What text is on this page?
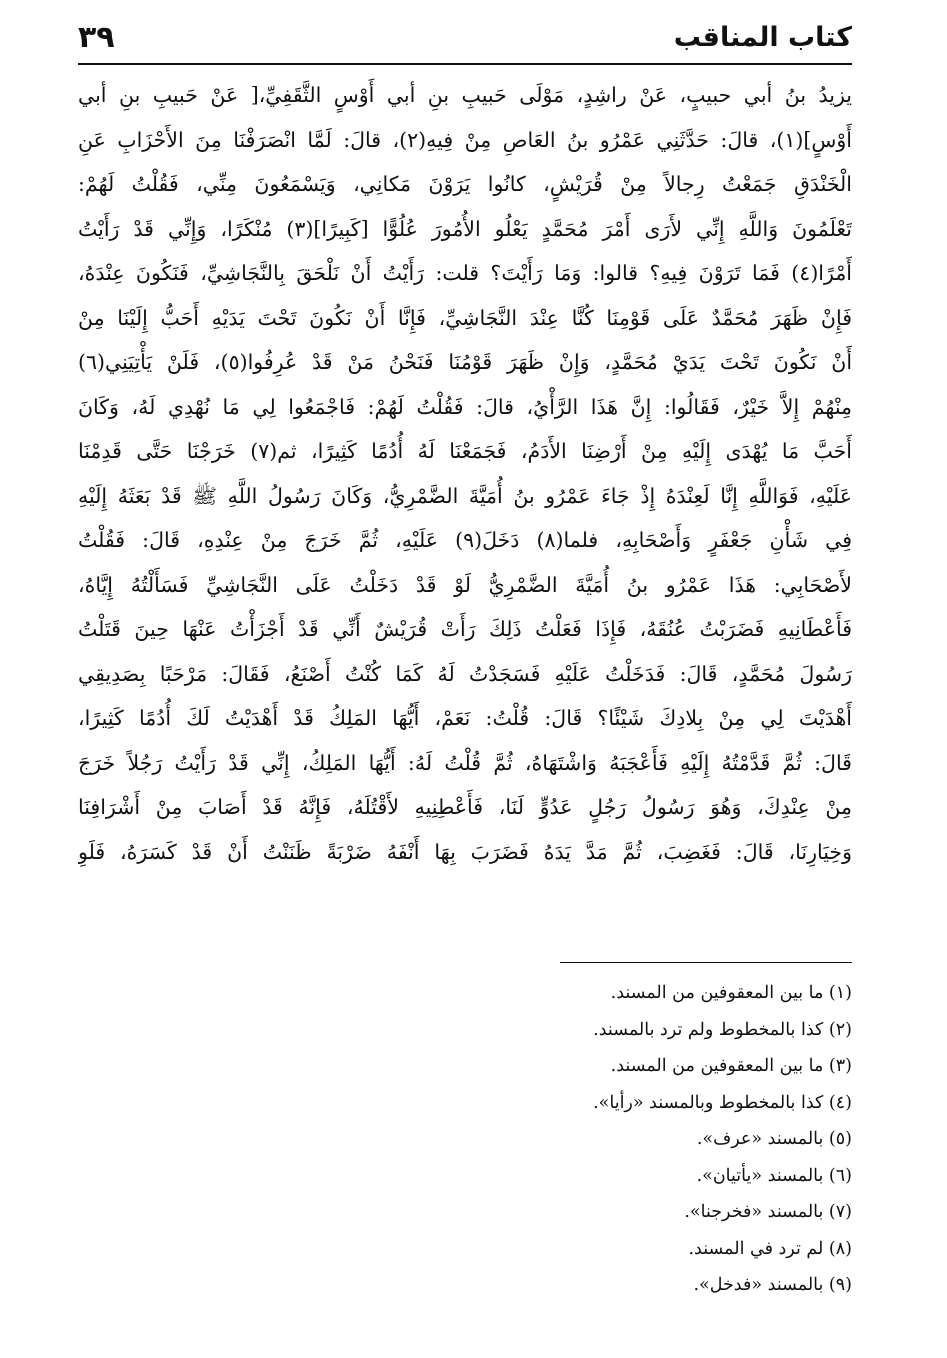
كتاب المناقب
٣٩
يزيدُ بنُ أبي حبيبٍ، عَنْ راشِدٍ، مَوْلَى حَبيبِ بنِ أبي أَوْسٍ الثَّقَفِيِّ،[ عَنْ حَبيبِ بنِ أبي
أَوْسٍ](١)، قالَ: حَدَّثَنِي عَمْرُو بنُ العَاصِ مِنْ فِيهِ(٢)، قالَ: لَمَّا انْصَرَفْنَا مِنَ الأَحْزَابِ عَنِ
الْخَنْدَقِ جَمَعْتُ رِجالاً مِنْ قُرَيْشٍ، كانُوا يَرَوْنَ مَكانِي، وَيَسْمَعُونَ مِنِّي، فَقُلْتُ لَهُمْ:
تَعْلَمُونَ وَاللَّهِ إِنِّي لأَرَى أَمْرَ مُحَمَّدٍ يَعْلُو الأُمُورَ عُلُوًّا [كَبِيرًا](٣) مُنْكَرًا، وَإِنِّي قَدْ رَأَيْتُ
أَمْرًا(٤) فَمَا تَرَوْنَ فِيهِ؟ قالوا: وَمَا رَأَيْتَ؟ قلت: رَأَيْتُ أَنْ نَلْحَقَ بِالنَّجَاشِيِّ، فَنَكُونَ عِنْدَهُ،
فَإِنْ ظَهَرَ مُحَمَّدٌ عَلَى قَوْمِنَا كُنَّا عِنْدَ النَّجَاشِيِّ، فَإِنَّا أَنْ نَكُونَ تَحْتَ يَدَيْهِ أَحَبُّ إِلَيْنَا مِنْ
أَنْ نَكُونَ تَحْتَ يَدَيْ مُحَمَّدٍ، وَإِنْ ظَهَرَ قَوْمُنَا فَنَحْنُ مَنْ قَدْ عُرِفُوا(٥)، فَلَنْ يَأْتِيَنِي(٦)
مِنْهُمْ إِلاَّ خَيْرٌ، فَقَالُوا: إِنَّ هَذَا الرَّأْيُ، قالَ: فَقُلْتُ لَهُمْ: فَاجْمَعُوا لِي مَا نُهْدِي لَهُ، وَكَانَ
أَحَبَّ مَا يُهْدَى إِلَيْهِ مِنْ أَرْضِنَا الأَدَمُ، فَجَمَعْنَا لَهُ أُدُمًا كَثِيرًا، ثم(٧) خَرَجْنَا حَتَّى قَدِمْنَا
عَلَيْهِ، فَوَاللَّهِ إِنَّا لَعِنْدَهُ إِذْ جَاءَ عَمْرُو بنُ أُمَيَّةَ الضَّمْرِيُّ، وَكَانَ رَسُولُ اللَّهِ ﷺ قَدْ بَعَثَهُ إِلَيْهِ
فِي شَأْنِ جَعْفَرٍ وَأَصْحَابِهِ، فلما(٨) دَخَلَ(٩) عَلَيْهِ، ثُمَّ خَرَجَ مِنْ عِنْدِهِ، قَالَ: فَقُلْتُ
لأَصْحَابِي: هَذَا عَمْرُو بنُ أُمَيَّةَ الضَّمْرِيُّ لَوْ قَدْ دَخَلْتُ عَلَى النَّجَاشِيِّ فَسَأَلْتُهُ إِيَّاهُ،
فَأَعْطَانِيهِ فَضَرَبْتُ عُنُقَهُ، فَإِذَا فَعَلْتُ ذَلِكَ رَأَتْ قُرَيْشٌ أَنِّي قَدْ أَجْزَأْتُ عَنْهَا حِينَ قَتَلْتُ
رَسُولَ مُحَمَّدٍ، قَالَ: فَدَخَلْتُ عَلَيْهِ فَسَجَدْتُ لَهُ كَمَا كُنْتُ أَصْنَعُ، فَقَالَ: مَرْحَبًا بِصَدِيقِي
أَهْدَيْتَ لِي مِنْ بِلادِكَ شَيْئًا؟ قَالَ: قُلْتُ: نَعَمْ، أَيُّهَا المَلِكُ قَدْ أَهْدَيْتُ لَكَ أُدُمًا كَثِيرًا،
قَالَ: ثُمَّ قَدَّمْتُهُ إِلَيْهِ فَأَعْجَبَهُ وَاشْتَهَاهُ، ثُمَّ قُلْتُ لَهُ: أَيُّهَا المَلِكُ، إِنِّي قَدْ رَأَيْتُ رَجُلاً خَرَجَ
مِنْ عِنْدِكَ، وَهُوَ رَسُولُ رَجُلٍ عَدُوٍّ لَنَا، فَأَعْطِنِيهِ لأَقْتُلَهُ، فَإِنَّهُ قَدْ أَصَابَ مِنْ أَشْرَافِنَا
وَخِيَارِنَا، قَالَ: فَغَضِبَ، ثُمَّ مَدَّ يَدَهُ فَضَرَبَ بِهَا أَنْفَهُ ضَرْبَةً ظَنَنْتُ أَنْ قَدْ كَسَرَهُ، فَلَوِ
(١) ما بين المعقوفين من المسند.
(٢) كذا بالمخطوط ولم ترد بالمسند.
(٣) ما بين المعقوفين من المسند.
(٤) كذا بالمخطوط وبالمسند «رأيا».
(٥) بالمسند «عرف».
(٦) بالمسند «يأتيان».
(٧) بالمسند «فخرجنا».
(٨) لم ترد في المسند.
(٩) بالمسند «فدخل».
